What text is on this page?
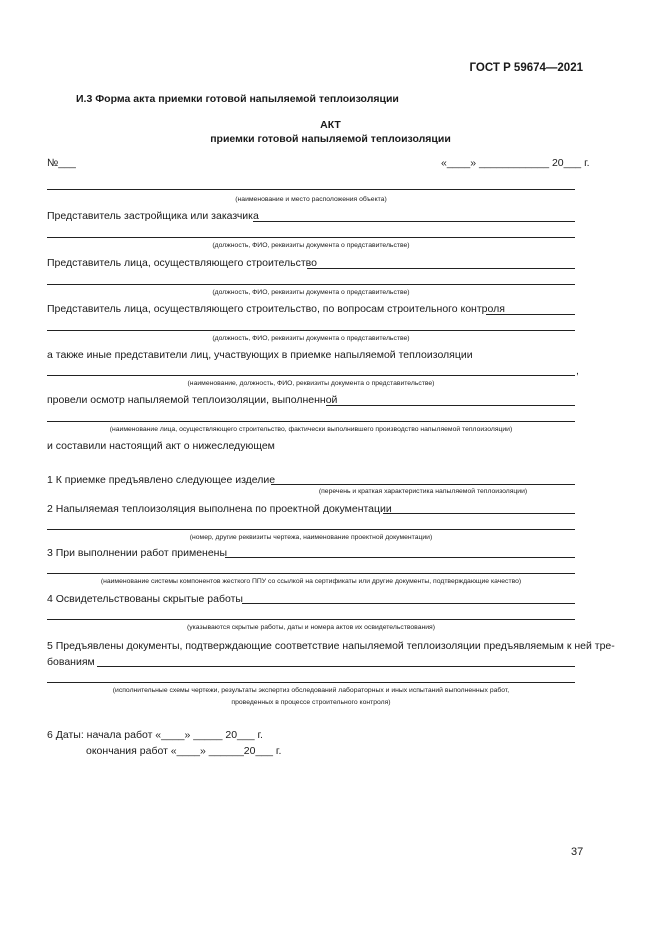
ГОСТ Р 59674—2021
И.3 Форма акта приемки готовой напыляемой теплоизоляции
АКТ
приемки готовой напыляемой теплоизоляции
№___	«____» ____________ 20___ г.
(наименование и место расположения объекта)
Представитель застройщика или заказчика
(должность, ФИО, реквизиты документа о представительстве)
Представитель лица, осуществляющего строительство
(должность, ФИО, реквизиты документа о представительстве)
Представитель лица, осуществляющего строительство, по вопросам строительного контроля
(должность, ФИО, реквизиты документа о представительстве)
а также иные представители лиц, участвующих в приемке напыляемой теплоизоляции
,
(наименование, должность, ФИО, реквизиты документа о представительстве)
провели осмотр напыляемой теплоизоляции, выполненной
(наименование лица, осуществляющего строительство, фактически выполнившего производство напыляемой теплоизоляции)
и составили настоящий акт о нижеследующем
1 К приемке предъявлено следующее изделие
(перечень и краткая характеристика напыляемой теплоизоляции)
2 Напыляемая теплоизоляция выполнена по проектной документации
(номер, другие реквизиты чертежа, наименование проектной документации)
3 При выполнении работ применены
(наименование системы компонентов жесткого ППУ со ссылкой на сертификаты или другие документы, подтверждающие качество)
4 Освидетельствованы скрытые работы
(указываются скрытые работы, даты и номера актов их освидетельствования)
5 Предъявлены документы, подтверждающие соответствие напыляемой теплоизоляции предъявляемым к ней тре-
бованиям
(исполнительные схемы чертежи, результаты экспертиз обследований лабораторных и иных испытаний выполненных работ,
проведенных в процессе строительного контроля)
6 Даты: начала работ «____» _____ 20___ г.
окончания работ «____» ______20___ г.
37
